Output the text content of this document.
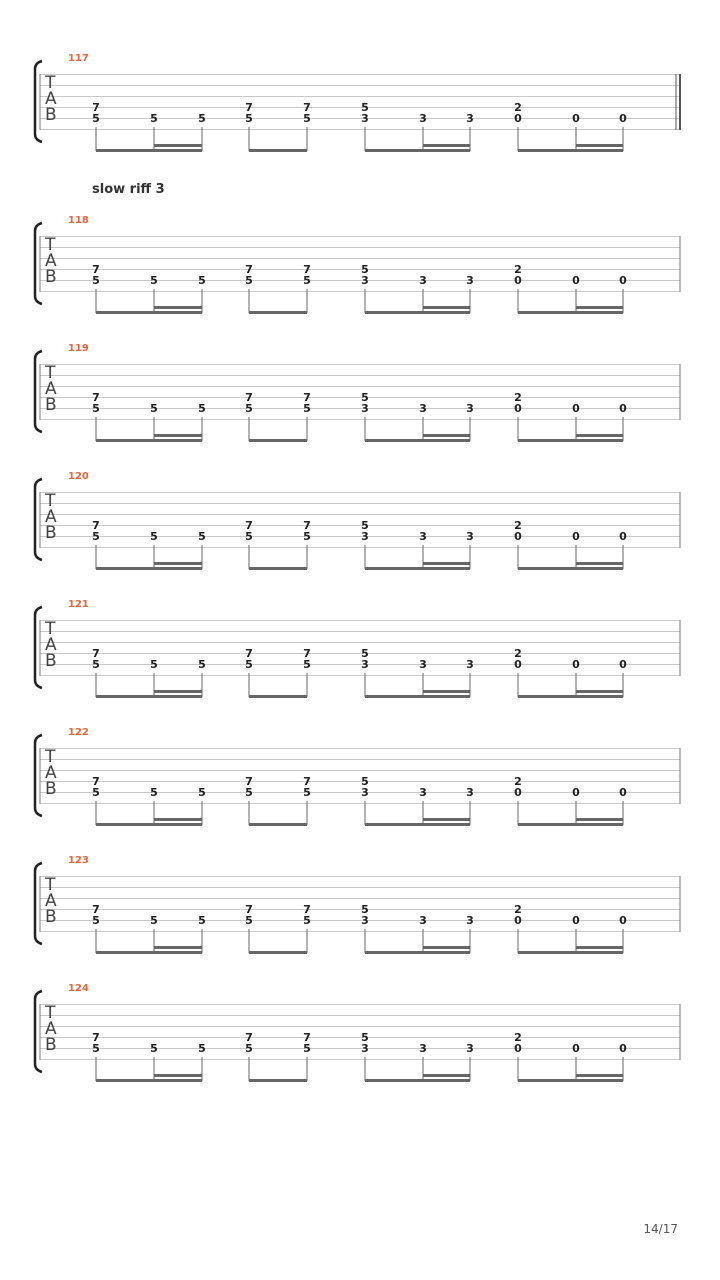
117
T
A
B	7
5	5	5
7
5
7
5
5
3	3	3
2
0	0	0
118
T
A
B	7
5	5	5
7
5
7
5
5
3	3	3
2
0	0	0
119
T
A
B	7
5	5	5
7
5
7
5
5
3	3	3
2
0	0	0
120
T
A
B	7
5	5	5
7
5
7
5
5
3	3	3
2
0	0	0
121
T
A
B	7
5	5	5
7
5
7
5
5
3	3	3
2
0	0	0
122
T
A
B	7
5	5	5
7
5
7
5
5
3	3	3
2
0	0	0
123
T
A
B	7
5	5	5
7
5
7
5
5
3	3	3
2
0	0	0
124
T
A
B	7
5	5	5
7
5
7
5
5
3	3	3
2
0	0	0
slow riff 3
14/17
